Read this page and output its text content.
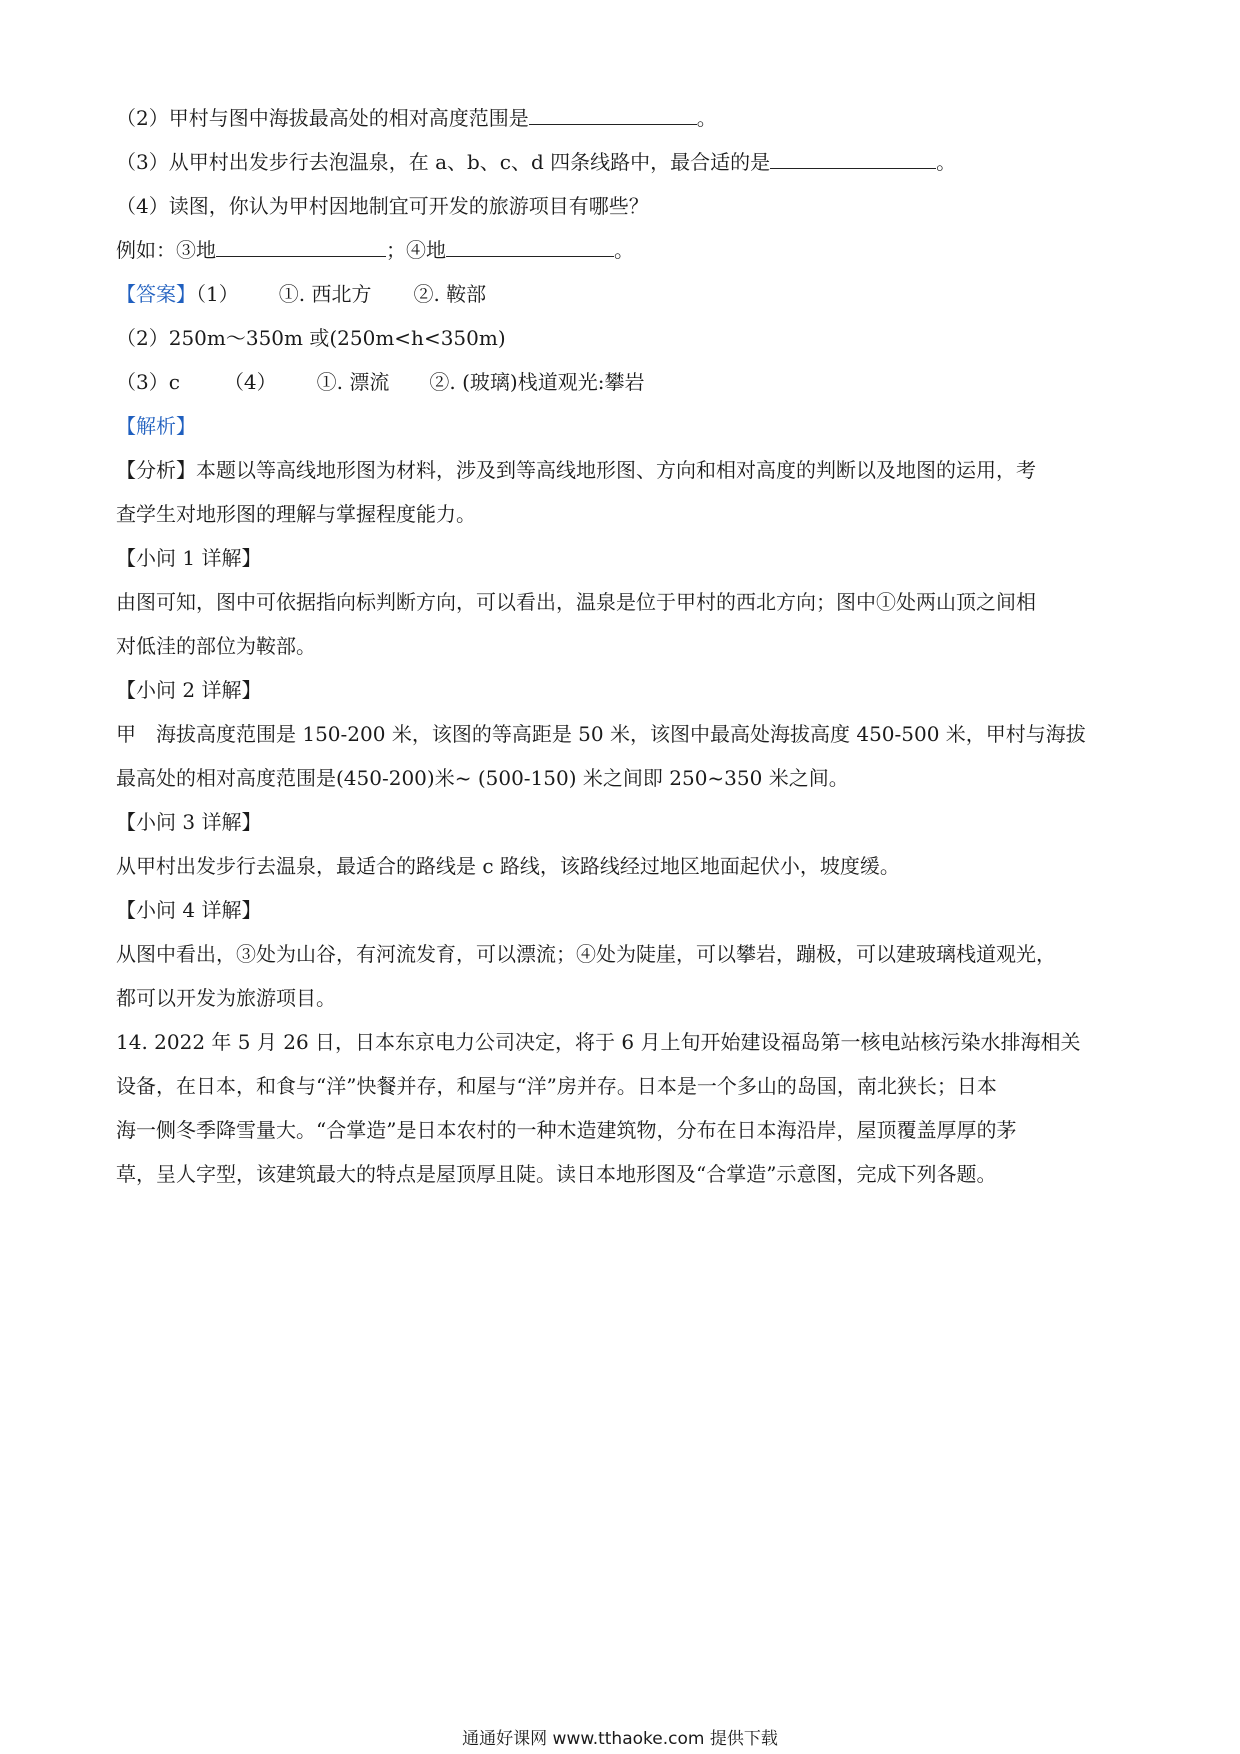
（2）甲村与图中海拔最高处的相对高度范围是	。
（3）从甲村出发步行去泡温泉，在 a、b、c、d 四条线路中，最合适的是	。
（4）读图，你认为甲村因地制宜可开发的旅游项目有哪些？
例如：③地	；④地	。
【答案】（1） ①. 西北方 ②. 鞍部
（2）250m～350m 或(250m<h<350m)
（3）c （4） ①. 漂流 ②. (玻璃)栈道观光:攀岩
【解析】
【分析】本题以等高线地形图为材料，涉及到等高线地形图、方向和相对高度的判断以及地图的运用，考
查学生对地形图的理解与掌握程度能力。
【小问 1 详解】
由图可知，图中可依据指向标判断方向，可以看出，温泉是位于甲村的西北方向；图中①处两山顶之间相
对低洼的部位为鞍部。
【小问 2 详解】
甲　海拔高度范围是 150-200 米，该图的等高距是 50 米，该图中最高处海拔高度 450-500 米，甲村与海拔
最高处的相对高度范围是(450-200)米~ (500-150) 米之间即 250~350 米之间。
【小问 3 详解】
从甲村出发步行去温泉，最适合的路线是 c 路线，该路线经过地区地面起伏小，坡度缓。
【小问 4 详解】
从图中看出，③处为山谷，有河流发育，可以漂流；④处为陡崖，可以攀岩，蹦极，可以建玻璃栈道观光，
都可以开发为旅游项目。
14. 2022 年 5 月 26 日，日本东京电力公司决定，将于 6 月上旬开始建设福岛第一核电站核污染水排海相关
设备，在日本，和食与“洋”快餐并存，和屋与“洋”房并存。日本是一个多山的岛国，南北狭长；日本
海一侧冬季降雪量大。“合掌造”是日本农村的一种木造建筑物，分布在日本海沿岸，屋顶覆盖厚厚的茅
草，呈人字型，该建筑最大的特点是屋顶厚且陡。读日本地形图及“合掌造”示意图，完成下列各题。
通通好课网 www.tthaoke.com 提供下载
